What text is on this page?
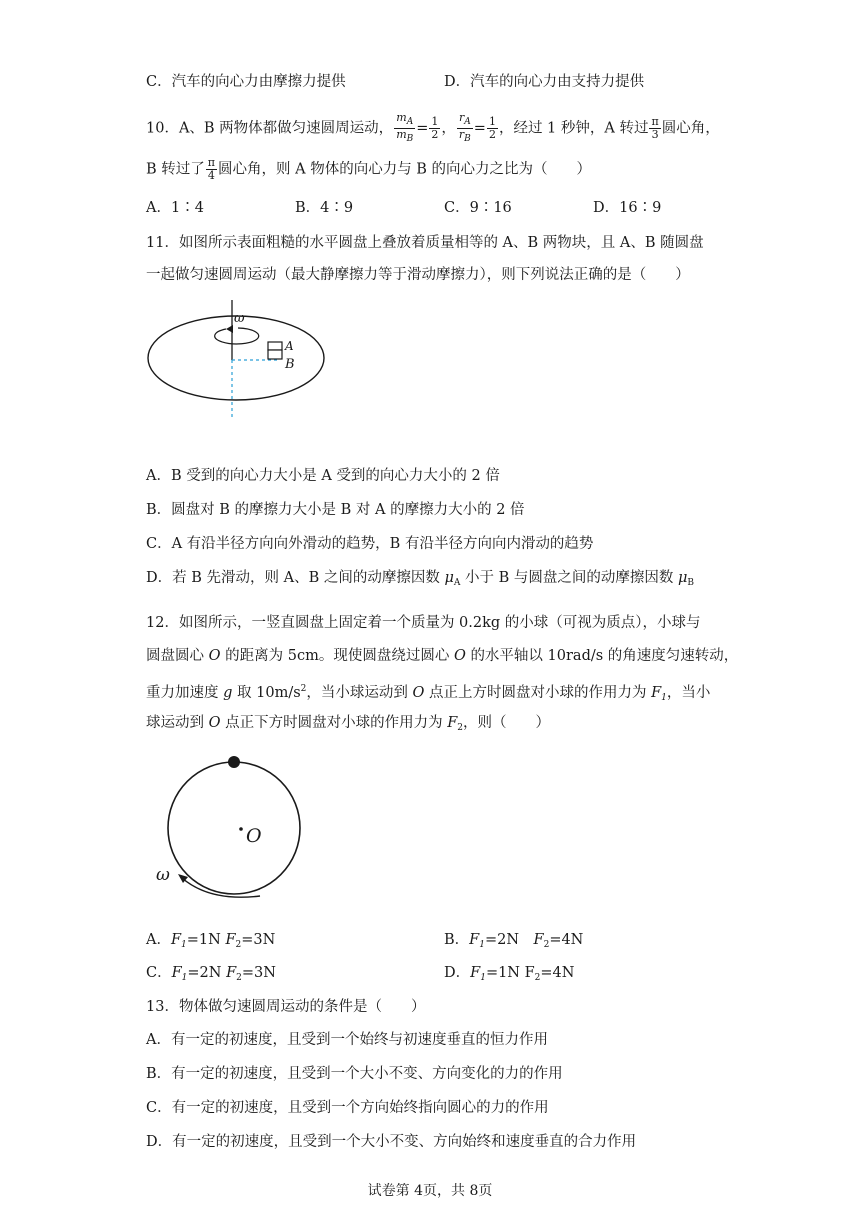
C．汽车的向心力由摩擦力提供	D．汽车的向心力由支持力提供
10．A、B 两物体都做匀速圆周运动， $\frac{m_A}{m_B} = \frac{1}{2}$ ， $\frac{r_A}{r_B} = \frac{1}{2}$ ，经过 1 秒钟，A 转过 $\frac{\pi}{3}$ 圆心角，
B 转过了 $\frac{\pi}{4}$ 圆心角，则 A 物体的向心力与 B 的向心力之比为（　　）
A．1∶4	B．4∶9	C．9∶16	D．16∶9
11．如图所示表面粗糙的水平圆盘上叠放着质量相等的 A、B 两物块，且 A、B 随圆盘
一起做匀速圆周运动（最大静摩擦力等于滑动摩擦力），则下列说法正确的是（　　）
ω
A
B
A．B 受到的向心力大小是 A 受到的向心力大小的 2 倍
B．圆盘对 B 的摩擦力大小是 B 对 A 的摩擦力大小的 2 倍
C．A 有沿半径方向向外滑动的趋势，B 有沿半径方向向内滑动的趋势
D．若 B 先滑动，则 A、B 之间的动摩擦因数 $\mu_A$ 小于 B 与圆盘之间的动摩擦因数 $\mu_B$
12．如图所示，一竖直圆盘上固定着一个质量为 0.2kg 的小球（可视为质点），小球与
圆盘圆心 O 的距离为 5cm。现使圆盘绕过圆心 O 的水平轴以 10rad/s 的角速度匀速转动，
重力加速度 g 取 $10m/s^2$，当小球运动到 O 点正上方时圆盘对小球的作用力为 $F_1$，当小
球运动到 O 点正下方时圆盘对小球的作用力为 $F_2$，则（　　）
O
ω
A．$F_1=1N$ $F_2=3N$	B．$F_1=2N$　$F_2=4N$
C．$F_1=2N$ $F_2=3N$	D．$F_1=1N$ $F_2=4N$
13．物体做匀速圆周运动的条件是（　　）
A．有一定的初速度，且受到一个始终与初速度垂直的恒力作用
B．有一定的初速度，且受到一个大小不变、方向变化的力的作用
C．有一定的初速度，且受到一个方向始终指向圆心的力的作用
D．有一定的初速度，且受到一个大小不变、方向始终和速度垂直的合力作用
试卷第 4页，共 8页
